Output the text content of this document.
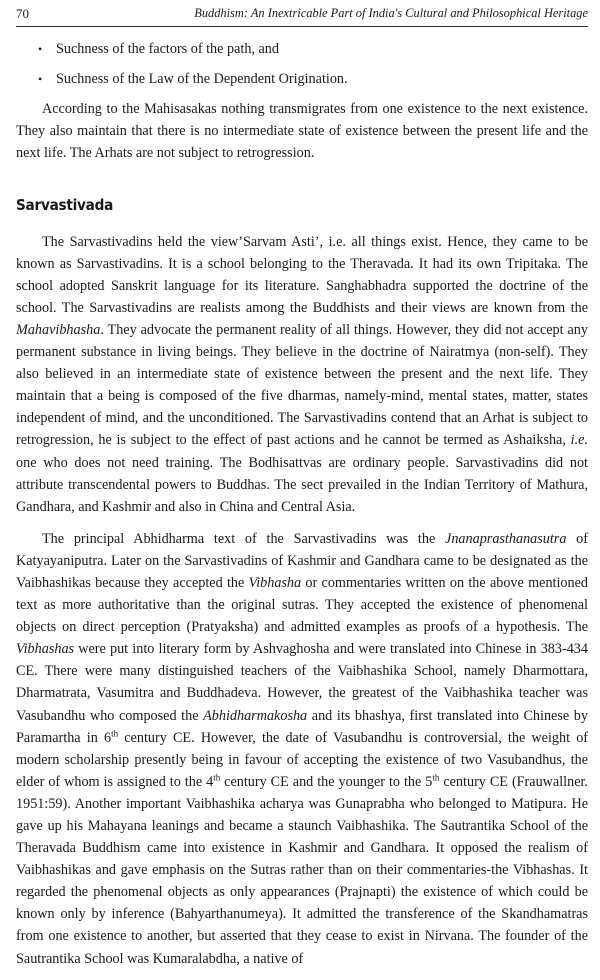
70	Buddhism: An Inextricable Part of India's Cultural and Philosophical Heritage
• Suchness of the factors of the path, and
• Suchness of the Law of the Dependent Origination.

According to the Mahisasakas nothing transmigrates from one existence to the next existence. They also maintain that there is no intermediate state of existence between the present life and the next life. The Arhats are not subject to retrogression.

Sarvastivada

The Sarvastivadins held the view’Sarvam Asti’, i.e. all things exist. Hence, they came to be known as Sarvastivadins. It is a school belonging to the Theravada. It had its own Tripitaka. The school adopted Sanskrit language for its literature. Sanghabhadra supported the doctrine of the school. The Sarvastivadins are realists among the Buddhists and their views are known from the Mahavibhasha. They advocate the permanent reality of all things. However, they did not accept any permanent substance in living beings. They believe in the doctrine of Nairatmya (non-self). They also believed in an intermediate state of existence between the present and the next life. They maintain that a being is composed of the five dharmas, namely-mind, mental states, matter, states independent of mind, and the unconditioned. The Sarvastivadins contend that an Arhat is subject to retrogression, he is subject to the effect of past actions and he cannot be termed as Ashaiksha, i.e. one who does not need training. The Bodhisattvas are ordinary people. Sarvastivadins did not attribute transcendental powers to Buddhas. The sect prevailed in the Indian Territory of Mathura, Gandhara, and Kashmir and also in China and Central Asia.

The principal Abhidharma text of the Sarvastivadins was the Jnanaprasthanasutra of Katyayaniputra. Later on the Sarvastivadins of Kashmir and Gandhara came to be designated as the Vaibhashikas because they accepted the Vibhasha or commentaries written on the above mentioned text as more authoritative than the original sutras. They accepted the existence of phenomenal objects on direct perception (Pratyaksha) and admitted examples as proofs of a hypothesis. The Vibhashas were put into literary form by Ashvaghosha and were translated into Chinese in 383-434 CE. There were many distinguished teachers of the Vaibhashika School, namely Dharmottara, Dharmatrata, Vasumitra and Buddhadeva. However, the greatest of the Vaibhashika teacher was Vasubandhu who composed the Abhidharmakosha and its bhashya, first translated into Chinese by Paramartha in 6th century CE. However, the date of Vasubandhu is controversial, the weight of modern scholarship presently being in favour of accepting the existence of two Vasubandhus, the elder of whom is assigned to the 4th century CE and the younger to the 5th century CE (Frauwallner. 1951:59). Another important Vaibhashika acharya was Gunaprabha who belonged to Matipura. He gave up his Mahayana leanings and became a staunch Vaibhashika. The Sautrantika School of the Theravada Buddhism came into existence in Kashmir and Gandhara. It opposed the realism of Vaibhashikas and gave emphasis on the Sutras rather than on their commentaries-the Vibhashas. It regarded the phenomenal objects as only appearances (Prajnapti) the existence of which could be known only by inference (Bahyarthanumeya). It admitted the transference of the Skandhamatras from one existence to another, but asserted that they cease to exist in Nirvana. The founder of the Sautrantika School was Kumaralabdha, a native of
